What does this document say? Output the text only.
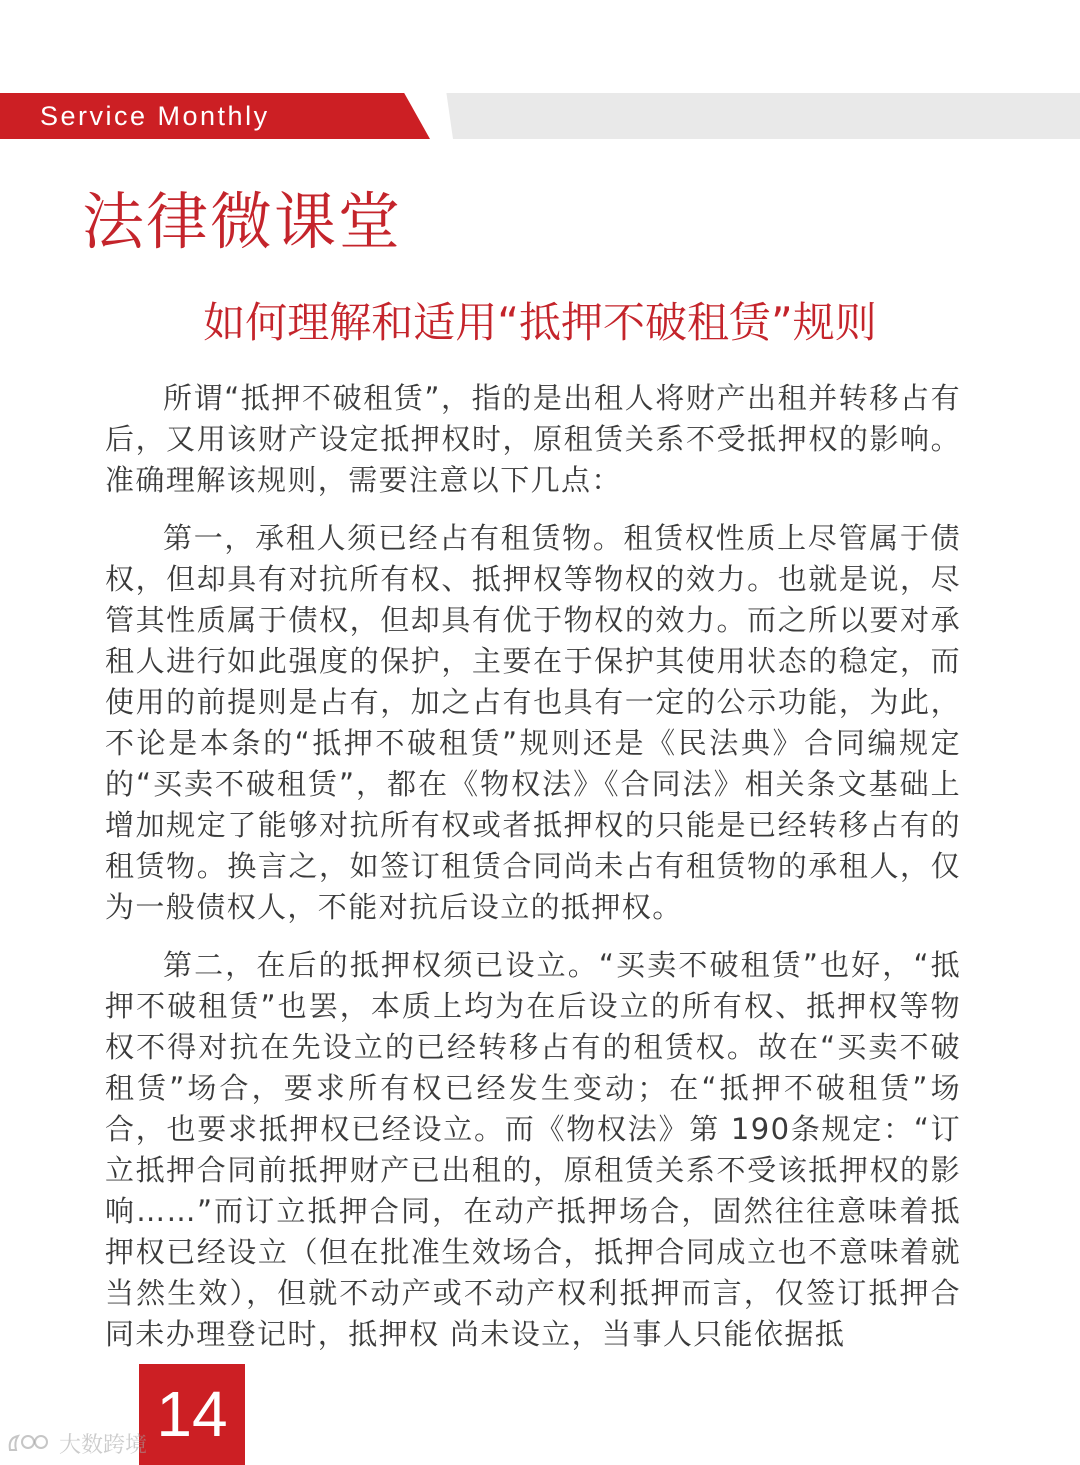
Service Monthly
法律微课堂
如何理解和适用“抵押不破租赁”规则

所谓“抵押不破租赁”，指的是出租人将财产出租并转移占有后，又用该财产设定抵押权时，原租赁关系不受抵押权的影响。准确理解该规则，需要注意以下几点：

第一，承租人须已经占有租赁物。租赁权性质上尽管属于债权，但却具有对抗所有权、抵押权等物权的效力。也就是说，尽管其性质属于债权，但却具有优于物权的效力。而之所以要对承租人进行如此强度的保护，主要在于保护其使用状态的稳定，而使用的前提则是占有，加之占有也具有一定的公示功能，为此，不论是本条的“抵押不破租赁”规则还是《民法典》合同编规定的“买卖不破租赁”，都在《物权法》《合同法》相关条文基础上增加规定了能够对抗所有权或者抵押权的只能是已经转移占有的租赁物。换言之，如签订租赁合同尚未占有租赁物的承租人，仅为一般债权人，不能对抗后设立的抵押权。

第二，在后的抵押权须已设立。“买卖不破租赁”也好，“抵押不破租赁”也罢，本质上均为在后设立的所有权、抵押权等物权不得对抗在先设立的已经转移占有的租赁权。故在“买卖不破租赁”场合，要求所有权已经发生变动；在“抵押不破租赁”场合，也要求抵押权已经设立。而《物权法》第 190条规定：“订立抵押合同前抵押财产已出租的，原租赁关系不受该抵押权的影响……”而订立抵押合同，在动产抵押场合，固然往往意味着抵押权已经设立（但在批准生效场合，抵押合同成立也不意味着就当然生效），但就不动产或不动产权利抵押而言，仅签订抵押合同未办理登记时，抵押权 尚未设立，当事人只能依据抵

14
大数跨境
